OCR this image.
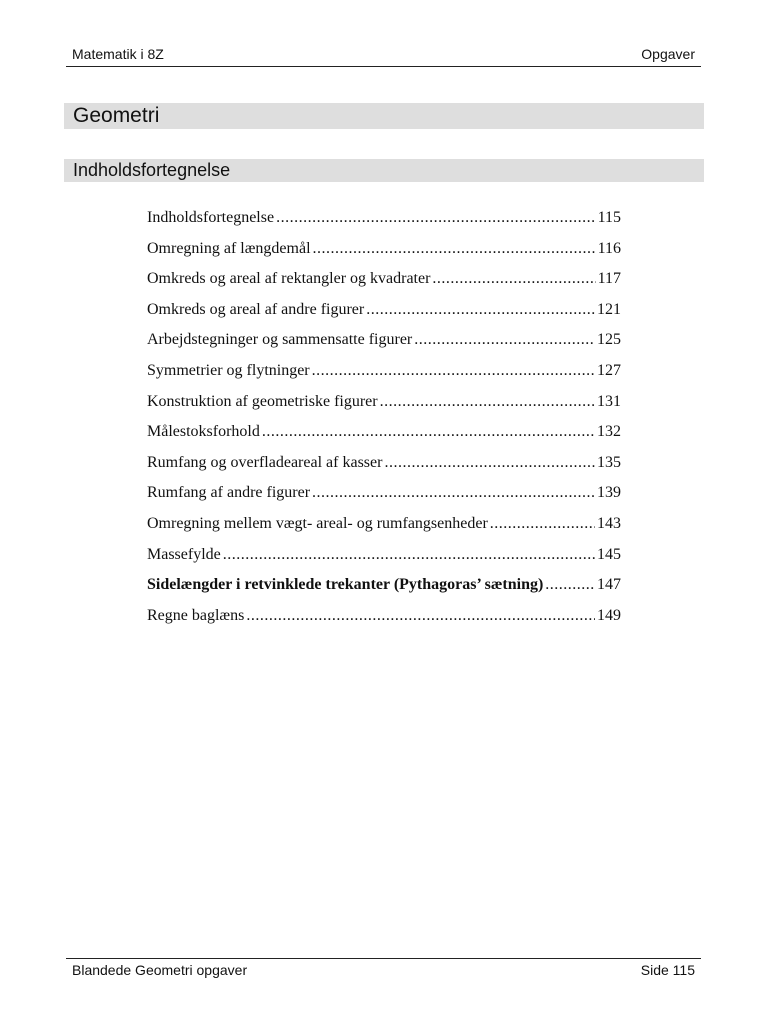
Matematik i 8Z	Opgaver
Geometri
Indholdsfortegnelse
Indholdsfortegnelse .....	115
Omregning af længdemål .....	116
Omkreds og areal af rektangler og kvadrater .....	117
Omkreds og areal af andre figurer .....	121
Arbejdstegninger og sammensatte figurer .....	125
Symmetrier og flytninger .....	127
Konstruktion af geometriske figurer .....	131
Målestoksforhold .....	132
Rumfang og overfladeareal af kasser .....	135
Rumfang af andre figurer .....	139
Omregning mellem vægt- areal- og rumfangsenheder .....	143
Massefylde .....	145
Sidelængder i retvinklede trekanter (Pythagoras’ sætning) .....	147
Regne baglæns .....	149
Blandede Geometri opgaver	Side 115
